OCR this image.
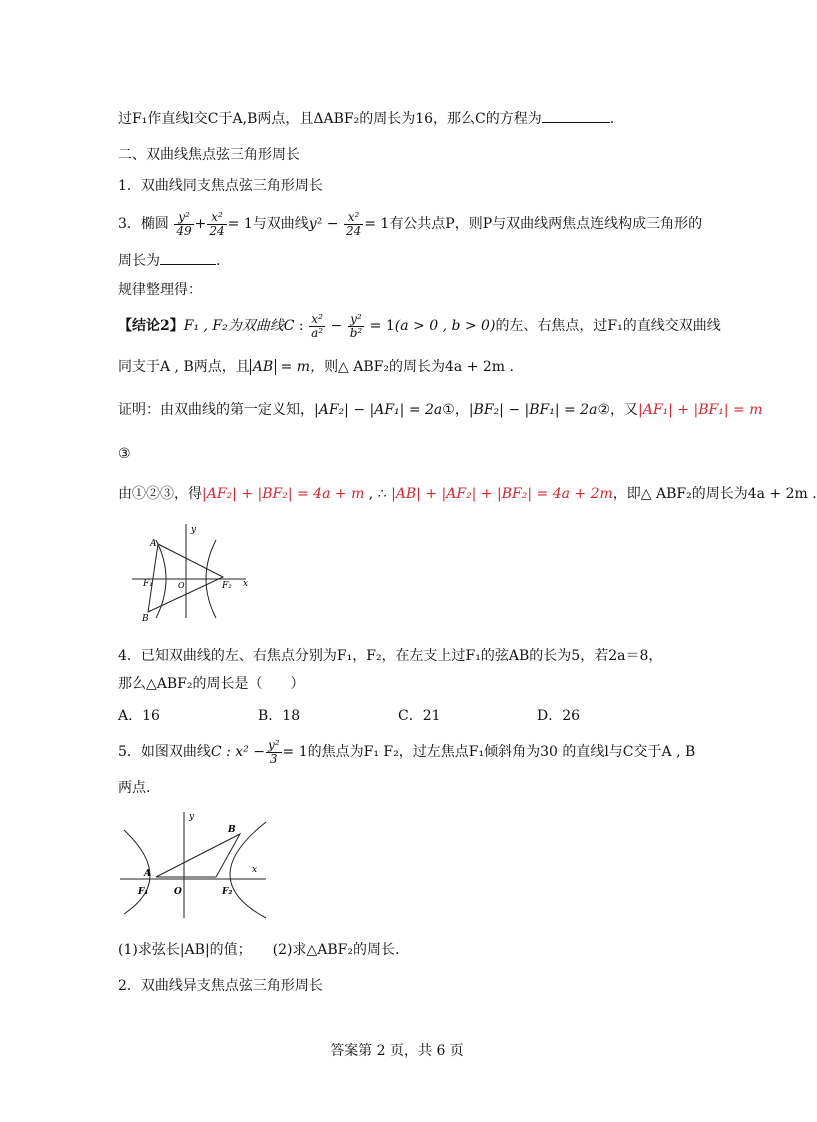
过F₁作直线l交C于A,B两点，且ΔABF₂的周长为16，那么C的方程为	.
二、双曲线焦点弦三角形周长
1．双曲线同支焦点弦三角形周长
3．椭圆 $\frac{\text{y²}}{49} + \frac{\text{x²}}{24} = 1$与双曲线$y^2 - \frac{\text{x²}}{24} = 1$有公共点P，则P与双曲线两焦点连线构成三角形的
周长为	.
规律整理得：
【结论2】F₁ , F₂为双曲线C : $\frac{\text{x²}}{\text{a²}} - \frac{\text{y²}}{\text{b²}} = 1(a > 0$ , b > 0)的左、右焦点，过F₁的直线交双曲线
同支于A , B两点，且 AB = m，则△ ABF₂的周长为4a + 2m .
证明：由双曲线的第一定义知，|AF₂| − |AF₁| = 2a①，|BF₂| − |BF₁| = 2a②，又|AF₁| + |BF₁| = m
③
由①②③，得|AF₂| + |BF₂| = 4a + m , ∴ |AB| + |AF₂| + |BF₂| = 4a + 2m，即△ ABF₂的周长为4a + 2m .
A
B
F₁	F₂
O	x
y
4．已知双曲线的左、右焦点分别为F₁，F₂，在左支上过F₁的弦AB的长为5，若2a＝8，
那么△ABF₂的周长是（　　）
A．16	B．18	C．21	D．26
5．如图双曲线C : $x^2 - \frac{\text{y²}}{3} = 1$的焦点为F₁ F₂，过左焦点F₁倾斜角为30 的直线l与C交于A , B
两点.
A
B
F₁	F₂
O
x
y
(1)求弦长|AB|的值；　　 (2)求△ABF₂的周长.
2．双曲线异支焦点弦三角形周长
答案第 2 页，共 6 页
